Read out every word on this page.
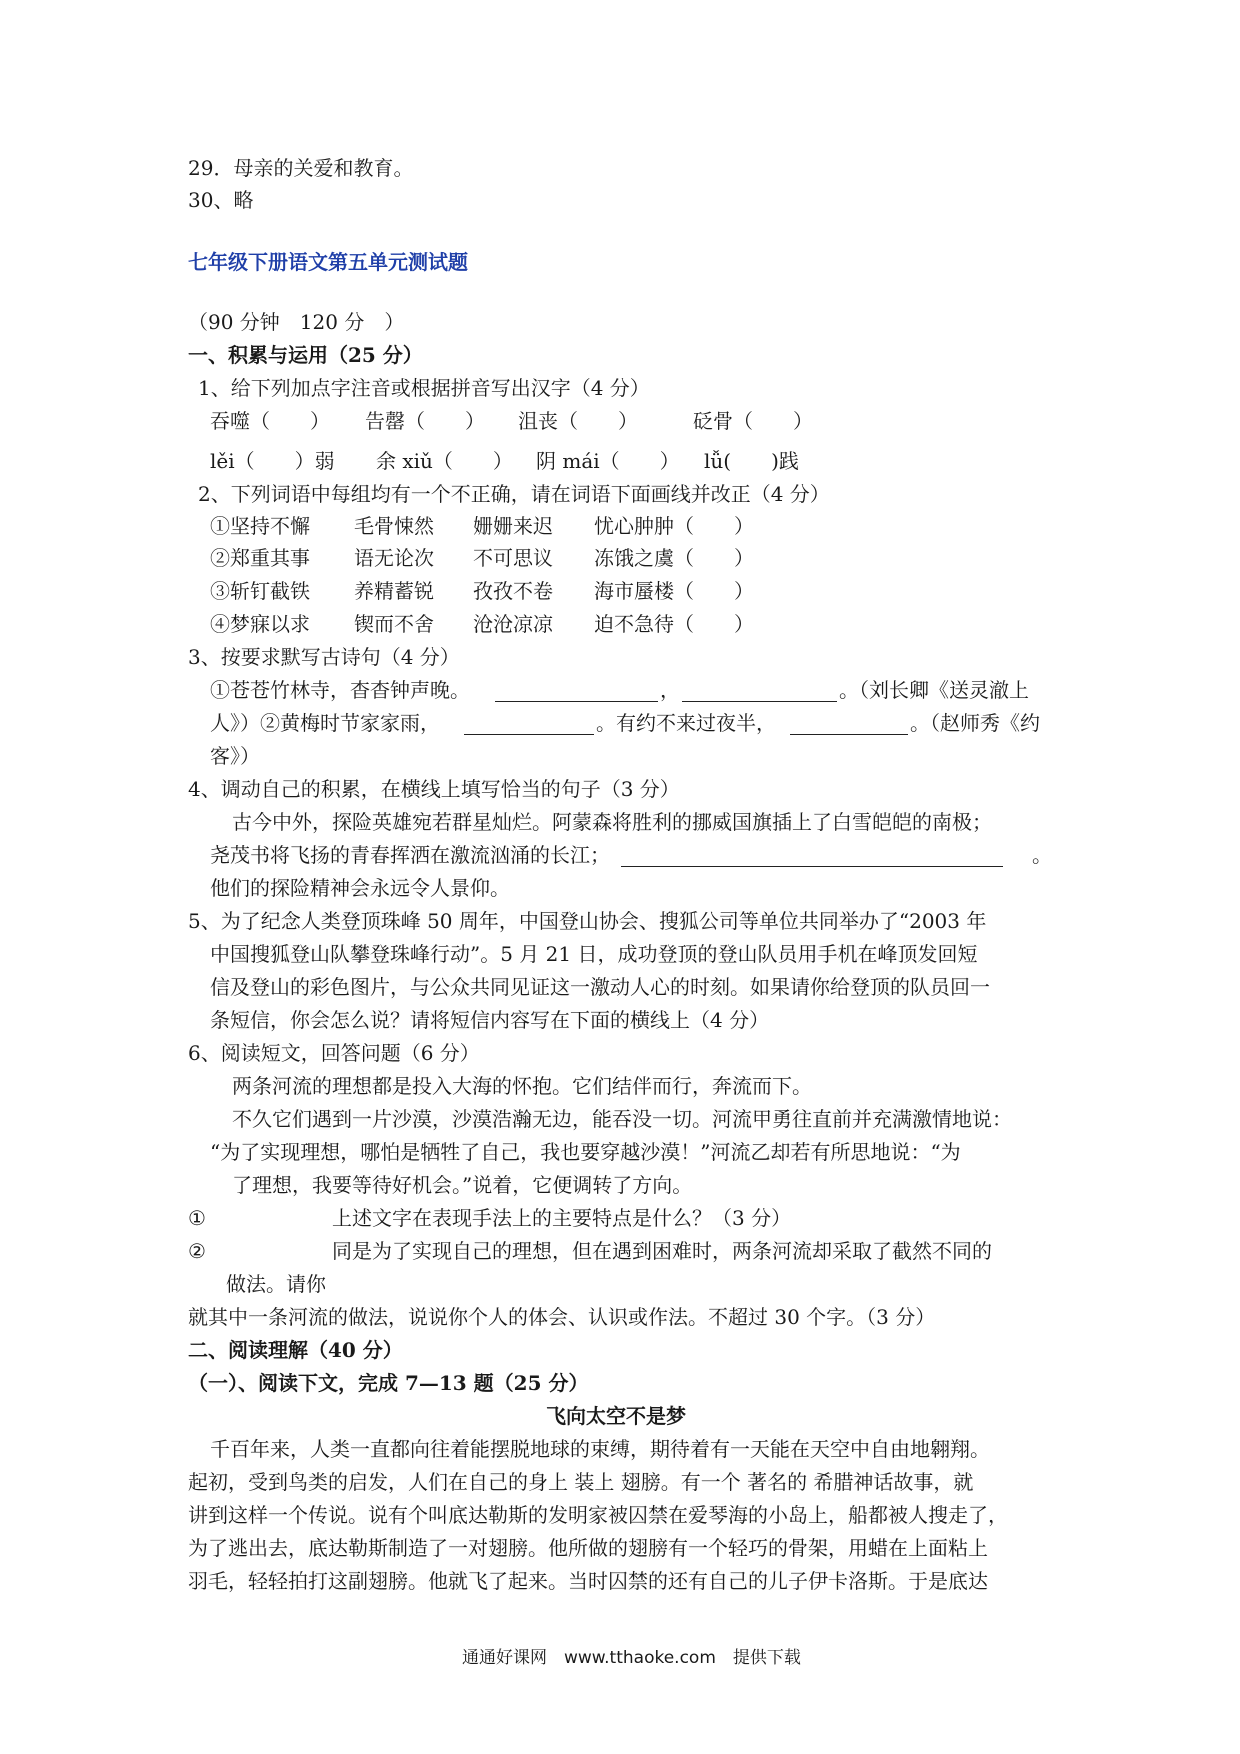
29．母亲的关爱和教育。
30、略
七年级下册语文第五单元测试题
（90 分钟　120 分　）
一、积累与运用（25 分）
1、给下列加点字注音或根据拼音写出汉字（4 分）
吞噬（　　） 告罄（　　） 沮丧（　　）	砭骨（　　）
lěi（　　）弱 余 xiǔ（　　） 阴 mái（　　） lǚ(　　)践
2、下列词语中每组均有一个不正确，请在词语下面画线并改正（4 分）
①坚持不懈 毛骨悚然 姗姗来迟 忧心肿肿（　　）
②郑重其事 语无论次 不可思议 冻饿之虞（　　）
③斩钉截铁 养精蓄锐 孜孜不卷 海市蜃楼（　　）
④梦寐以求 锲而不舍 沧沧凉凉 迫不急待（　　）
3、按要求默写古诗句（4 分）
①苍苍竹林寺，杳杳钟声晚。	，	。（刘长卿《送灵澈上
人》）②黄梅时节家家雨，	。有约不来过夜半，	。（赵师秀《约
客》）
4、调动自己的积累，在横线上填写恰当的句子（3 分）
古今中外，探险英雄宛若群星灿烂。阿蒙森将胜利的挪威国旗插上了白雪皑皑的南极；
尧茂书将飞扬的青春挥洒在激流汹涌的长江；	。
他们的探险精神会永远令人景仰。
5、为了纪念人类登顶珠峰 50 周年，中国登山协会、搜狐公司等单位共同举办了“2003 年
中国搜狐登山队攀登珠峰行动”。5 月 21 日，成功登顶的登山队员用手机在峰顶发回短
信及登山的彩色图片，与公众共同见证这一激动人心的时刻。如果请你给登顶的队员回一
条短信，你会怎么说？请将短信内容写在下面的横线上（4 分）
6、阅读短文，回答问题（6 分）
两条河流的理想都是投入大海的怀抱。它们结伴而行，奔流而下。
不久它们遇到一片沙漠，沙漠浩瀚无边，能吞没一切。河流甲勇往直前并充满激情地说：
“为了实现理想，哪怕是牺牲了自己，我也要穿越沙漠！”河流乙却若有所思地说：“为
了理想，我要等待好机会。”说着，它便调转了方向。
①	上述文字在表现手法上的主要特点是什么？（3 分）
②	同是为了实现自己的理想，但在遇到困难时，两条河流却采取了截然不同的
做法。请你
就其中一条河流的做法，说说你个人的体会、认识或作法。不超过 30 个字。（3 分）
二、阅读理解（40 分）
（一）、阅读下文，完成 7—13 题（25 分）
飞向太空不是梦
千百年来，人类一直都向往着能摆脱地球的束缚，期待着有一天能在天空中自由地翱翔。
起初，受到鸟类的启发，人们在自己的身上 装上 翅膀。有一个 著名的 希腊神话故事，就
讲到这样一个传说。说有个叫底达勒斯的发明家被囚禁在爱琴海的小岛上，船都被人搜走了，
为了逃出去，底达勒斯制造了一对翅膀。他所做的翅膀有一个轻巧的骨架，用蜡在上面粘上
羽毛，轻轻拍打这副翅膀。他就飞了起来。当时囚禁的还有自己的儿子伊卡洛斯。于是底达
通通好课网　www.tthaoke.com　提供下载
